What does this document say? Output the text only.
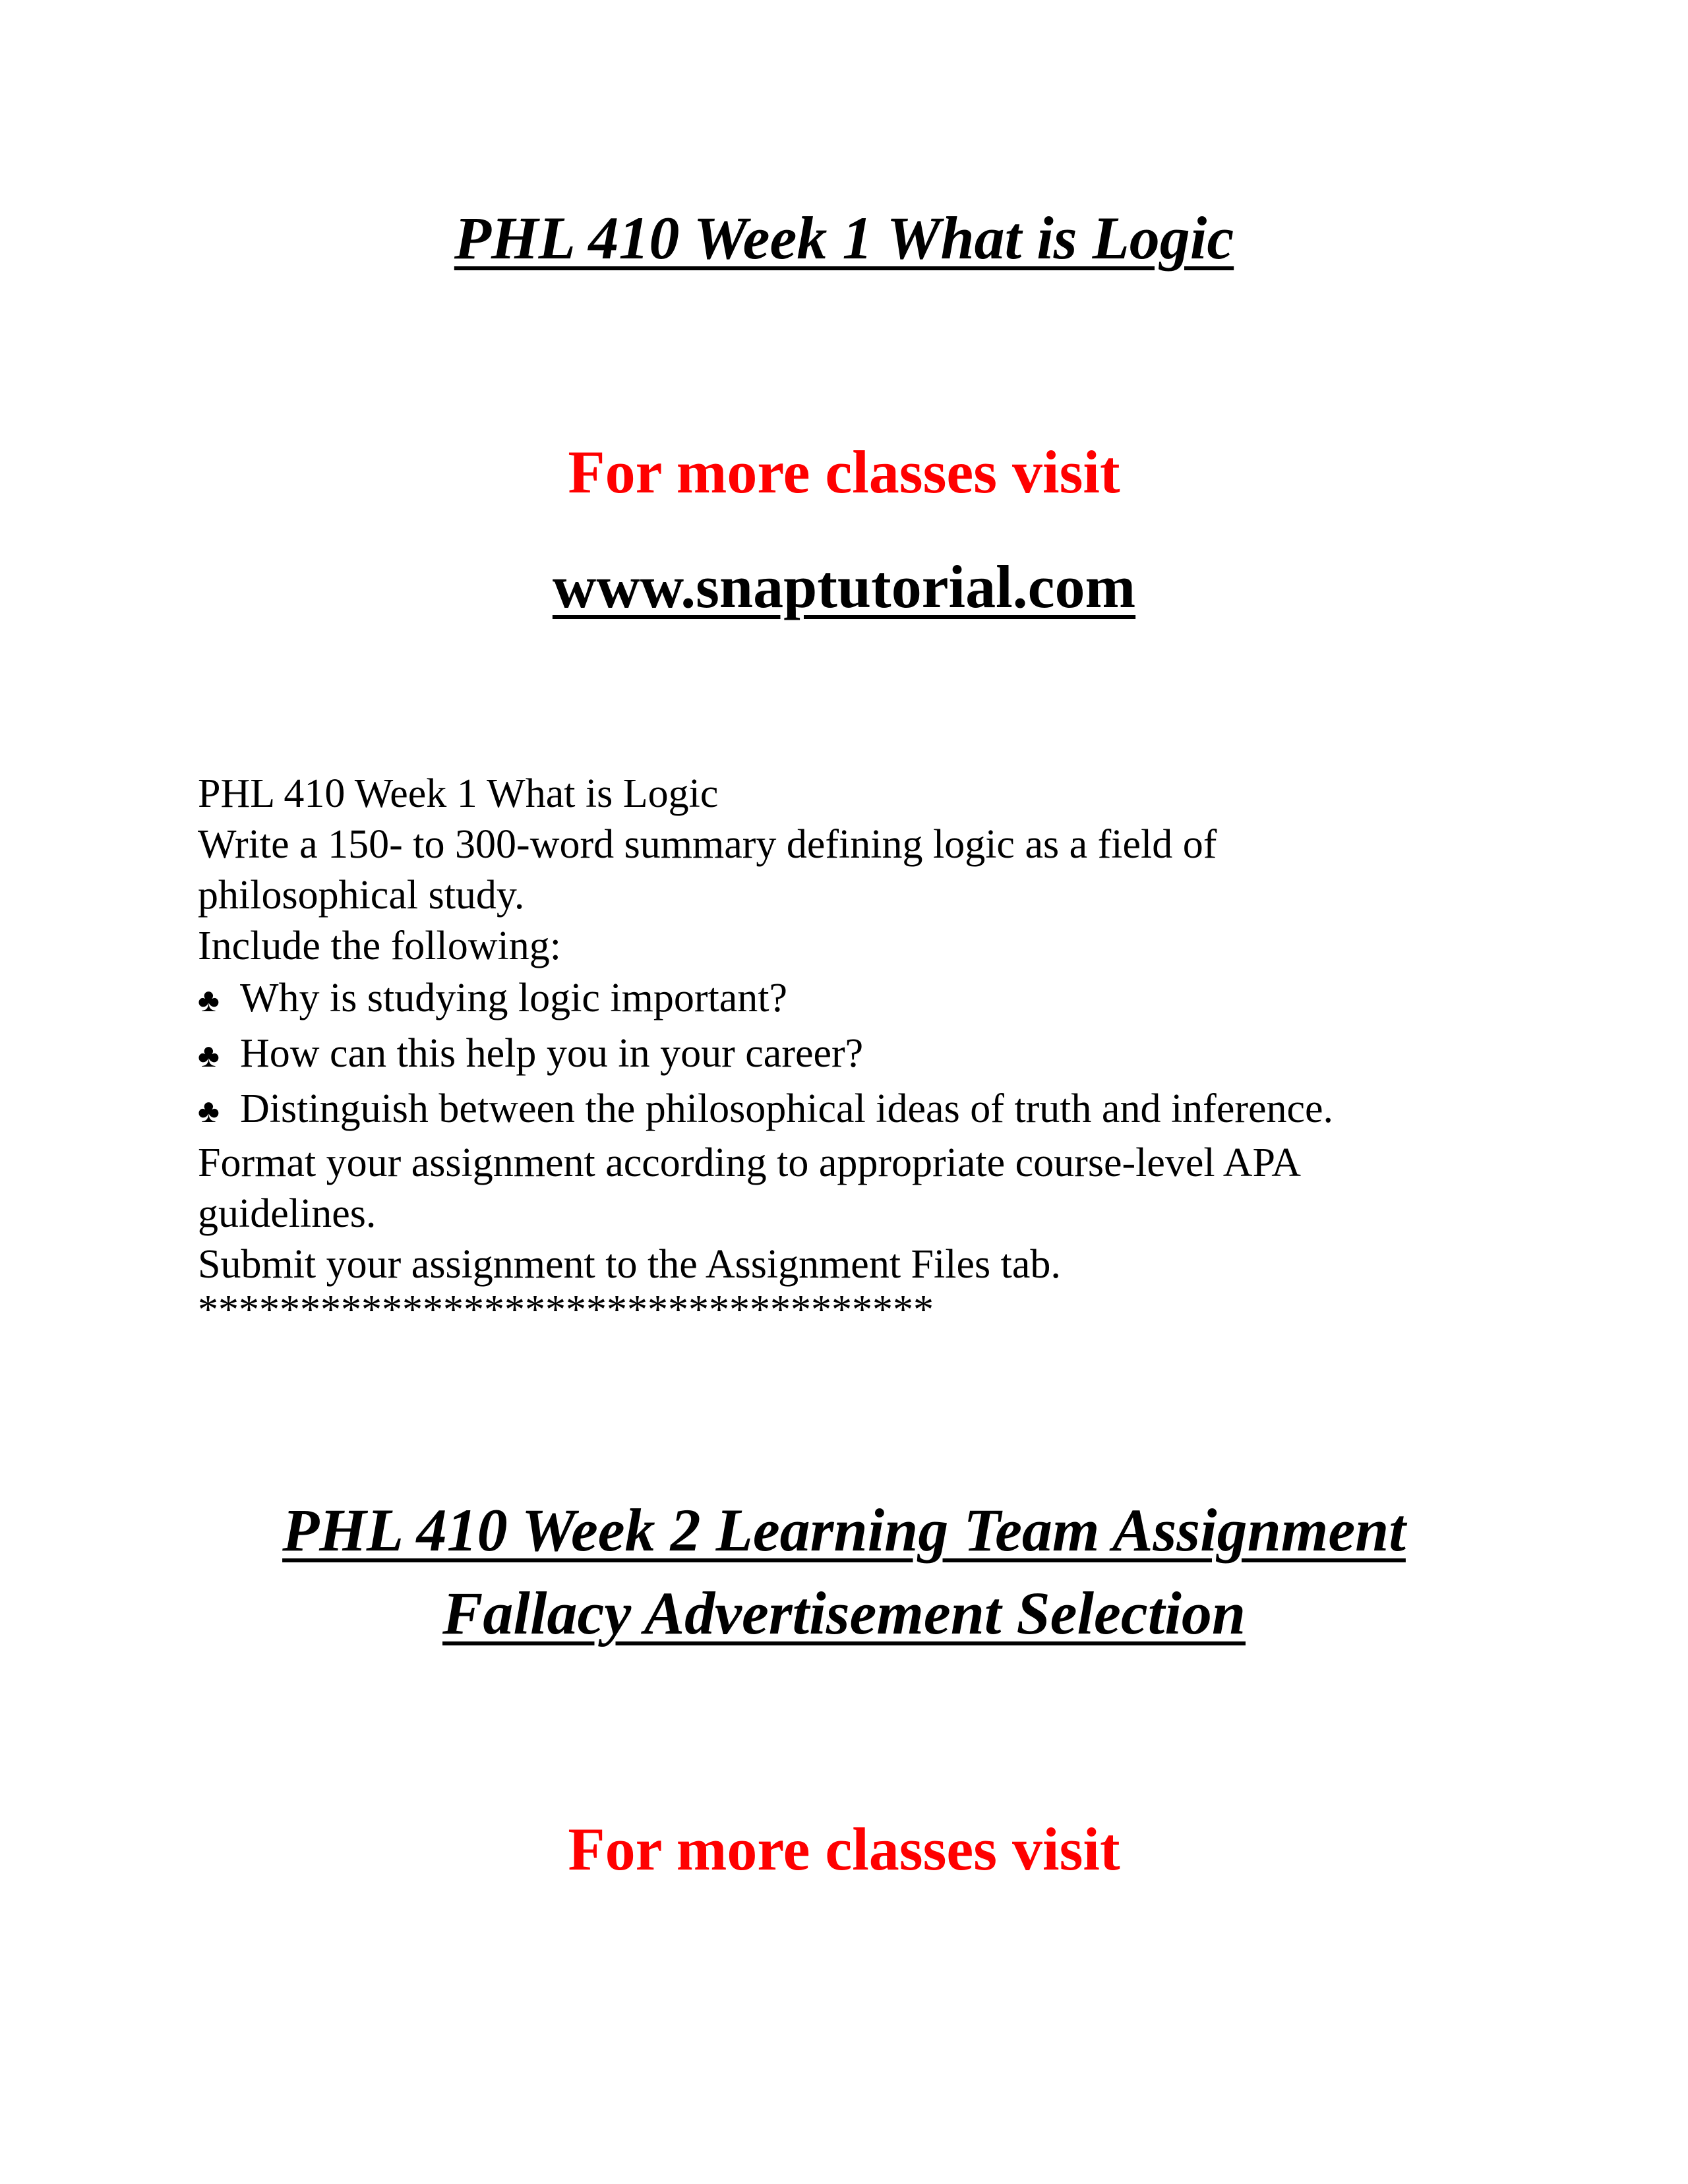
PHL 410 Week 1 What is Logic

For more classes visit

www.snaptutorial.com

PHL 410 Week 1 What is Logic
Write a 150- to 300-word summary defining logic as a field of
philosophical study.
Include the following:
♣ Why is studying logic important?
♣ How can this help you in your career?
♣ Distinguish between the philosophical ideas of truth and inference.
Format your assignment according to appropriate course-level APA
guidelines.
Submit your assignment to the Assignment Files tab.
************************************
PHL 410 Week 2 Learning Team Assignment
Fallacy Advertisement Selection

For more classes visit
